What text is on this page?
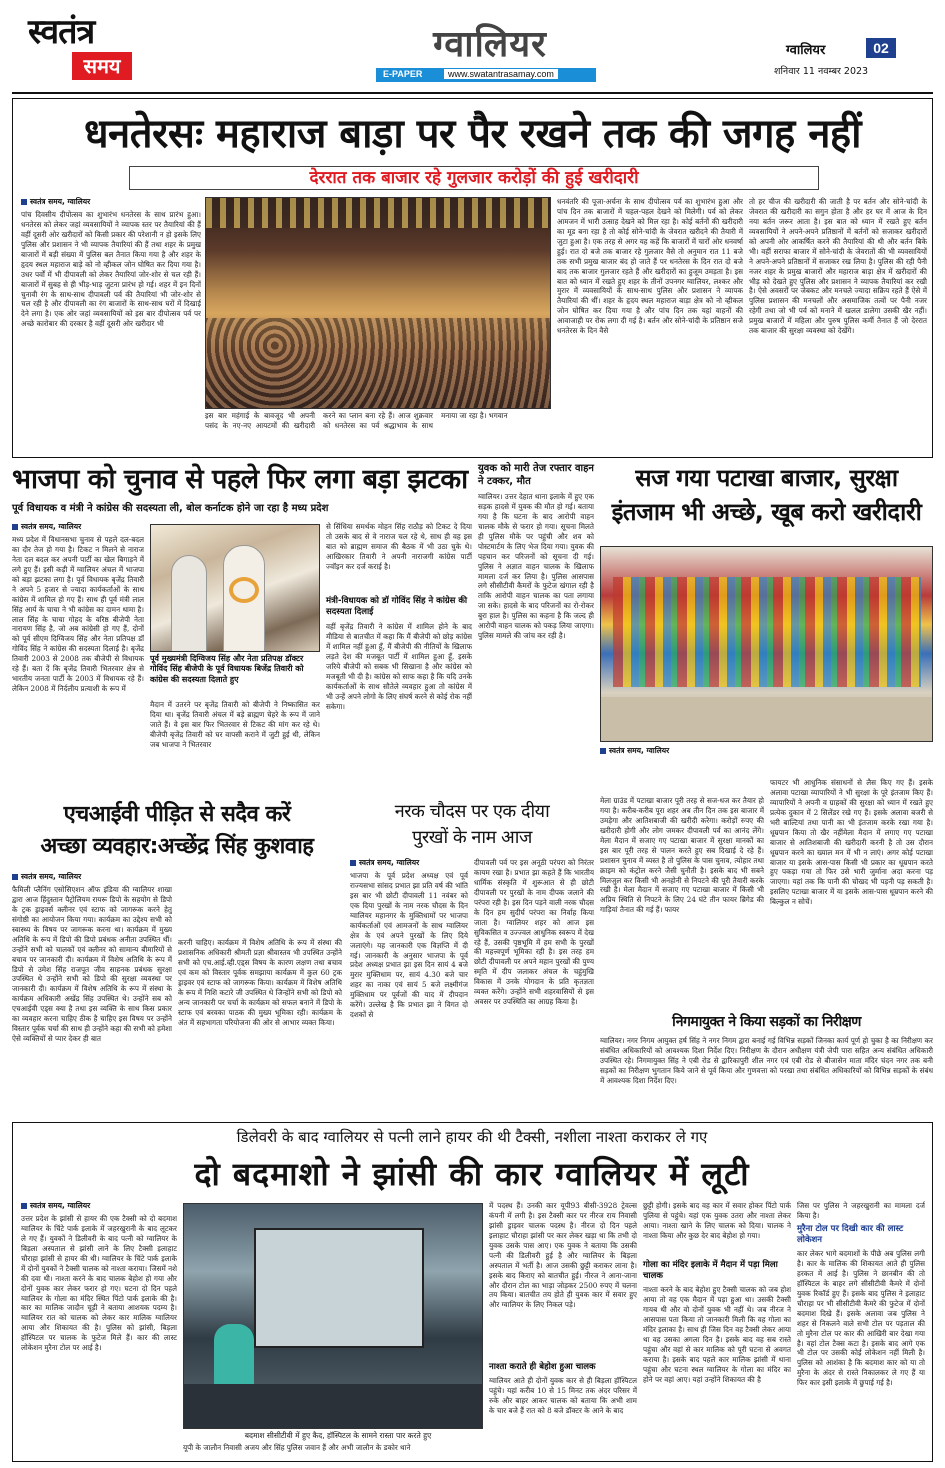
स्वतंत्र
समय
ग्वालियर
E-PAPER	www.swatantrasamay.com
ग्वालियर	02
शनिवार 11 नवम्बर 2023
धनतेरसः महाराज बाड़ा पर पैर रखने तक की जगह नहीं
देररात तक बाजार रहे गुलजार करोड़ों की हुई खरीदारी
स्वतंत्र समय, ग्वालियर
पांच दिवसीय दीपोत्सव का शुभारंभ धनतेरस के साथ प्रारंभ हुआ। धनतेरस को लेकर जहां व्यवसायियों ने व्यापक स्तर पर तैयारियां की हैं वहीं दूसरी ओर खरीदारों को किसी प्रकार की परेशानी न हो इसके लिए पुलिस और प्रशासन ने भी व्यापक तैयारियां की हैं तथा शहर के प्रमुख बाजारों में बड़ी संख्या में पुलिस बल तैनात किया गया है और शहर के हृदय स्थल महाराज बाड़े को नो व्हीकल जोन घोषित कर दिया गया है। उधर पर्वों में भी दीपावली को लेकर तैयारियां जोर-शोर से चल रही हैं। बाजारों में सुबह से ही भीड़-भाड़ जुटना प्रारंभ हो गई। शहर में इन दिनों चुनावी रंग के साथ-साथ दीपावली पर्व की तैयारियां भी जोर-शोर से चल रही है और दीपावली का रंग बाजारों के साथ-साथ घरों में दिखाई देने लगा है। एक ओर जहां व्यवसायियों को इस बार दीपोत्सव पर्व पर अच्छे कारोबार की दरकार है वहीं दूसरी ओर खरीदार भी
इस बार महंगाई के बावजूद भी अपनी पसंद के नए-नए आयटमों की खरीदारी करने का प्लान बना रहे हैं। आज शुक्रवार को धनतेरस का पर्व श्रद्धाभाव के साथ मनाया जा रहा है। भगवान
धनवंतरि की पूजा-अर्चना के साथ दीपोत्सव पर्व का शुभारंभ हुआ और पांच दिन तक बाजारों में चहल-पहल देखने को मिलेगी। पर्व को लेकर आमजन में भारी उत्साह देखने को मिल रहा है। कोई बर्तनों की खरीदारी का मूड बना रहा है तो कोई सोने-चांदी के जेवरात खरीदने की तैयारी में जुटा हुआ है। एक तरह से अगर यह कहें कि बाजारों में चारों ओर धनवर्षा हुई। रात दो बजे तक बाजार रहे गुलजार वैसे तो अनुमान रात 11 बजे तक सभी प्रमुख बाजार बंद हो जाते हैं पर धनतेरस के दिन रात दो बजे बाद तक बाजार गुलजार रहते हैं और खरीदारों का हुजूम उमड़ता है। इस बात को ध्यान में रखते हुए शहर के तीनों उपनगर ग्वालियर, लश्कर और मुरार में व्यवसायियों के साथ-साथ पुलिस और प्रशासन ने व्यापक तैयारियां की थीं। शहर के हृदय स्थल महाराज बाड़ा क्षेत्र को नो व्हीकल जोन घोषित कर दिया गया है और पांच दिन तक यहां वाहनों की आवाजाही पर रोक लगा दी गई है। बर्तन और सोने-चांदी के प्रतिष्ठान सजे धनतेरस के दिन वैसे
तो हर चीज की खरीदारी की जाती है पर बर्तन और सोने-चांदी के जेवरात की खरीदारी का सगुन होता है और हर घर में आज के दिन नया बर्तन जरूर आता है। इस बात को ध्यान में रखते हुए बर्तन व्यवसायियों ने अपने-अपने प्रतिष्ठानों में बर्तनों को सजाकर खरीदारों को अपनी ओर आकर्षित करने की तैयारियां की थी और बर्तन बिके भी। वहीं सराफा बाजार में सोने-चांदी के जेवरातों की भी व्यवसायियों ने अपने-अपने प्रतिष्ठानों में सजाकर रख लिया है। पुलिस की रही पैनी नजर शहर के प्रमुख बाजारों और महाराज बाड़ा क्षेत्र में खरीदारों की भीड़ को देखते हुए पुलिस और प्रशासन ने व्यापक तैयारियां कर रखी है। ऐसे अवसरों पर जेबकट और मनचले ज्यादा सक्रिय रहते हैं ऐसे में पुलिस प्रशासन की मनचलों और असमाजिक तत्वों पर पैनी नजर रहेगी तथा जो भी पर्व को मनाने में खलल डालेगा उसकी खैर नहीं। प्रमुख बाजारों में महिला और पुरुष पुलिस कर्मी तैनात हैं जो देररात तक बाजार की सुरक्षा व्यवस्था को देखेंगे।
भाजपा को चुनाव से पहले फिर लगा बड़ा झटका
पूर्व विधायक व मंत्री ने कांग्रेस की सदस्यता ली, बोल कर्नाटक होने जा रहा है मध्य प्रदेश
स्वतंत्र समय, ग्वालियर
मध्य प्रदेश में विधानसभा चुनाव से पहले दल-बदल का दौर तेज हो गया है। टिकट न मिलने से नाराज नेता दल बदल कर अपनी पार्टी का खेल बिगाड़ने में लगे हुए हैं। इसी कड़ी में ग्वालियर अंचल में भाजपा को बड़ा झटका लगा है। पूर्व विधायक बृजेंद्र तिवारी ने अपने 5 हजार से ज्यादा कार्यकर्ताओं के साथ कांग्रेस में शामिल हो गए हैं। साथ ही पूर्व मंत्री लाल सिंह आर्य के चाचा ने भी कांग्रेस का दामन थामा है। लाल सिंह के चाचा गोहद के वरिष्ठ बीजेपी नेता नारायण सिंह है, जो अब कांग्रेसी हो गए हैं, दोनों को पूर्व सीएम दिग्विजय सिंह और नेता प्रतिपक्ष डॉ गोविंद सिंह ने कांग्रेस की सदस्यता दिलाई है। बृजेंद्र तिवारी 2003 से 2008 तक बीजेपी से विधायक रहे हैं। बता दें कि बृजेंद्र तिवारी भितरवार क्षेत्र से भारतीय जनता पार्टी के 2003 में विधायक रहे हैं। लेकिन 2008 में निर्दलीय प्रत्याशी के रूप में
पूर्व मुख्यमंत्री दिग्विजय सिंह और नेता प्रतिपक्ष डॉक्टर गोविंद सिंह बीजेपी के पूर्व विधायक बिजेंद्र तिवारी को कांग्रेस की सदस्यता दिलाते हुए
मैदान में उतरने पर बृजेंद्र तिवारी को बीजेपी ने निष्कासित कर दिया था। बृजेंद्र तिवारी अंचल में बड़े ब्राह्मण चेहरे के रूप में जाने जाते हैं। वे इस बार फिर भितरवार से टिकट की मांग कर रहे थे। बीजेपी बृजेंद्र तिवारी को घर वापसी कराने में जुटी हुई थी, लेकिन जब भाजपा ने भितरवार
से सिंधिया समर्थक मोहन सिंह राठौड़ को टिकट दे दिया तो उसके बाद से वे नाराज चल रहे थे, साथ ही वह इस बात को ब्राह्मण समाज की बैठक में भी उठा चुके थे। आखिरकार तिवारी ने अपनी नाराजगी कांग्रेस पार्टी ज्वॉइन कर दर्ज कराई है।
मंत्री-विधायक को डॉ गोविंद सिंह ने कांग्रेस की सदस्यता दिलाई
वहीं बृजेंद्र तिवारी ने कांग्रेस में शामिल होने के बाद मीडिया से बातचीत में कहा कि मैं बीजेपी को छोड़ कांग्रेस में शामिल नहीं हुआ हूँ, मैं बीजेपी की नीतियों के खिलाफ लड़ते देश की मजबूत पार्टी में शामिल हुआ हूँ, इसके जरिये बीजेपी को सबक भी सिखाना है और कांग्रेस को मजबूती भी दी है। कांग्रेस को साफ कहा है कि यदि उनके कार्यकर्ताओं के साथ सौतेले व्यवहार हुआ तो कांग्रेस में भी उन्हें अपने लोगो के लिए संघर्ष करने से कोई रोक नहीं सकेगा।
युवक को मारी तेज रफ्तार वाहन ने टक्कर, मौत
ग्वालियर। उत्तर देहात थाना इलाके में हुए एक सड़क हादसे में युवक की मौत हो गई। बताया गया है कि घटना के बाद आरोपी वाहन चालक मौके से फरार हो गया। सूचना मिलते ही पुलिस मौके पर पहुंची और शव को पोस्टमार्टम के लिए भेज दिया गया। युवक की पहचान कर परिजनों को सूचना दी गई। पुलिस ने अज्ञात वाहन चालक के खिलाफ मामला दर्ज कर लिया है। पुलिस आसपास लगे सीसीटीवी कैमरों के फुटेज खंगाल रही है ताकि आरोपी वाहन चालक का पता लगाया जा सके। हादसे के बाद परिजनों का रो-रोकर बुरा हाल है। पुलिस का कहना है कि जल्द ही आरोपी वाहन चालक को पकड़ लिया जाएगा। पुलिस मामले की जांच कर रही है।
सज गया पटाखा बाजार, सुरक्षा
इंतजाम भी अच्छे, खूब करो खरीदारी
स्वतंत्र समय, ग्वालियर
मेला ग्राउंड में पटाखा बाजार पूरी तरह से सज-धज कर तैयार हो गया है। करीब-करीब पूरा शहर अब तीन दिन तक इस बाजार में उमड़ेगा और आतिशबाजी की खरीदी करेगा। करोड़ों रुपए की खरीदारी होगी और लोग जमकर दीपावली पर्व का आनंद लेंगे। मेला मैदान में सजाए गए पटाखा बाजार में सुरक्षा मानकों का इस बार पूरी तरह से पालन करते हुए सब दिखाई दे रहे हैं। प्रशासन चुनाव में व्यस्त है तो पुलिस के पास चुनाव, त्योहार तथा क्राइम को कंट्रोल करने जैसी चुनौती है। इसके बाद भी सबने मिलजुल कर किसी भी अनहोनी से निपटने की पूरी तैयारी करके रखी है। मेला मैदान में सजाए गए पटाखा बाजार में किसी भी अप्रिय स्थिति से निपटने के लिए 24 घंटे तीन फायर ब्रिगेड की गाड़ियां तैनात की गई हैं। फायर
फायटर भी आधुनिक संसाधनों से लैस किए गए हैं। इसके अलावा पटाखा व्यापारियों ने भी सुरक्षा के पूरे इंतजाम किए हैं। व्यापारियों ने अपनी व ग्राहकों की सुरक्षा को ध्यान में रखते हुए प्रत्येक दुकान में 2 सिलेंडर रखे गए हैं। इसके अलावा बजरी से भरी बाल्टियां तथा पानी का भी इंतजाम करके रखा गया है। धूम्रपान किया तो खैर नहींमेला मैदान में लगाए गए पटाखा बाजार से आतिशबाजी की खरीदारी करनी है तो उस दौरान धूम्रपान करने का ख्याल मन में भी न लाएं। अगर कोई पटाखा बाजार या इसके आस-पास किसी भी प्रकार का धूम्रपान करते हुए पकड़ा गया तो फिर उसे भारी जुर्माना अदा करना पड़ जाएगा। यहां तक कि पानी की चोखद भी पड़नी पड़ सकती है। इसलिए पटाखा बाजार में या इसके आस-पास धूम्रपान करने की बिल्कुल न सोचें।
एचआईवी पीड़ित से सदैव करें
अच्छा व्यवहार:अच्छेंद्र सिंह कुशवाह
स्वतंत्र समय, ग्वालियर
फैमिली प्लैनिंग एसोसिएशन ऑफ इंडिया की ग्वालियर शाखा द्वारा आज हिंदुस्तान पैट्रोलियम रायरू डिपो के सहयोग से डिपो के ट्रक ड्राइवर्स क्लीनर एवं स्टाफ को जागरूक करने हेतु संगोष्ठी का आयोजन किया गया। कार्यक्रम का उद्देश्य सभी को स्वास्थ्य के विषय पर जागरूक करना था। कार्यक्रम में मुख्य अतिथि के रूप में डिपो की डिपो प्रबंधक अनीता उपस्थित थीं। उन्होंने सभी को चालकों एवं क्लीनर को सामान्य बीमारियों से बचाव पर जानकारी दी। कार्यक्रम में विशेष अतिथि के रूप में डिपो से उमेश सिंह राजपूत जीव साहनक प्रबंधक सुरक्षा उपस्थित थे उन्होंने सभी को डिपो की सुरक्षा व्यवस्था पर जानकारी दी। कार्यक्रम में विशेष अतिथि के रूप में संस्था के कार्यक्रम अधिकारी अखेंद्र सिंह उपस्थित थे। उन्होंने सब को एचआईवी एड्स क्या है तथा इस व्यक्ति के साथ किस प्रकार का व्यवहार करना चाहिए ठीक है चाहिए इस विषय पर उन्होंने विस्तार पूर्वक चर्चा की साथ ही उन्होंने कहा की सभी को हमेशा ऐसे व्यक्तियों से प्यार देकर ही बात
करनी चाहिए। कार्यक्रम में विशेष अतिथि के रूप में संस्था की प्रशासनिक अधिकारी श्रीमती प्रज्ञा श्रीवास्तव भी उपस्थित उन्होंने सभी को एच.आई.व्ही.एड्स विषय के कारण लक्षण तथा बचाव एवं कम को विस्तार पूर्वक समझाया कार्यक्रम में कुल 60 ट्रक ड्राइवर एवं स्टाफ को जागरूक किया। कार्यक्रम में विशेष अतिथि के रूप में निशि कटारे जी उपस्थित थे जिन्होंने सभी को डिपो को अन्य जानकारी पर चर्चा के कार्यक्रम को सफल बनाने में डिपो के स्टाफ एवं बरवका पाठक की मुख्य भूमिका रही। कार्यक्रम के अंत में सहभागता परियोजना की ओर से आभार व्यक्त किया।
नरक चौदस पर एक दीया
पुरखों के नाम आज
स्वतंत्र समय, ग्वालियर
भाजपा के पूर्व प्रदेश अध्यक्ष एवं पूर्व राज्यसभा सांसद प्रभात झा प्रति वर्ष की भांति इस बार भी छोटी दीपावली 11 नवंबर को एक दिया पुरखों के नाम नरक चौदस के दिन ग्वालियर महानगर के मुक्तिधामों पर भाजपा कार्यकर्ताओं एवं आमजनों के साथ ग्वालियर क्षेत्र के एवं अपने पुरखों के लिए दिये जलाएंगे। यह जानकारी एक विज्ञप्ति में दी गई। जानकारी के अनुसार भाजपा के पूर्व प्रदेश अध्यक्ष प्रभात झा इस दिन सायं 4 बजे मुरार मुक्तिधाम पर, सायं 4.30 बजे चार शहर का नाका एवं सायं 5 बजे लक्ष्मीगंज मुक्तिधाम पर पूर्वजों की याद में दीपदान करेंगे। उल्लेख है कि प्रभात झा ने विगत दो दशकों से
दीपावली पर्व पर इस अनूठी परंपरा को निरंतर कायम रखा है। प्रभात झा कहते हैं कि भारतीय धार्मिक संस्कृति में शुरूआत से ही छोटी दीपावली पर पुरखों के नाम दीपक जलाने की परंपरा रही है। इस दिन पड़ने वाली नरक चौदस के दिन हम सुदीर्घ परंपरा का निर्वाह किया जाता है। ग्वालियर शहर को आज इस सुविकसित व उज्ज्वल आधुनिक स्वरूप में देख रहे हैं, उसकी पृष्ठभूमि में हम सभी के पुरखों की महत्त्वपूर्ण भूमिका रही है। इस तरह हम छोटी दीपावली पर अपने महान पुरखों की पुण्य स्मृति में दीप जलाकर अंचल के चहुंमुखि विकास में उनके योगदान के प्रति कृतज्ञता व्यक्त करेंगे। उन्होंने सभी शहरवासियों से इस अवसर पर उपस्थिति का आग्रह किया है।
निगमायुक्त ने किया सड़कों का निरीक्षण
ग्वालियर। नगर निगम आयुक्त हर्ष सिंह ने नगर निगम द्वारा बनाई गई विभिन्न सड़कों जिनका कार्य पूर्ण हो चुका है का निरीक्षण कर संबंधित अधिकारियों को आवश्यक दिशा निर्देश दिए। निरीक्षण के दौरान अधीक्षण यंत्री जेपी पारा सहित अन्य संबंधित अधिकारी उपस्थित रहे। निगमायुक्त सिंह ने एबी रोड से द्वारिकापुरी शील नगर एवं एबी रोड से बीजासेन माता मंदिर चंदन नगर तक बनी सड़कों का निरीक्षण भुगतान किये जाने से पूर्व किया और गुणवत्ता को परखा तथा संबंधित अधिकारियों को विभिन्न सड़कों के संबंध में आवश्यक दिशा निर्देश दिए।
डिलेवरी के बाद ग्वालियर से पत्नी लाने हायर की थी टैक्सी, नशीला नाश्ता कराकर ले गए
दो बदमाशो ने झांसी की कार ग्वालियर में लूटी
स्वतंत्र समय, ग्वालियर
उत्तर प्रदेश के झांसी से हायर की एक टैक्सी को दो बदमाश ग्वालियर के चिंटे पार्क इलाके में जहरखुरानी के बाद लूटकर ले गए हैं। युवकों ने डिलीवरी के बाद पत्नी को ग्वालियर के बिड़ला अस्पताल से झांसी लाने के लिए टैक्सी इलाहाट चौराहा झांसी से हायर की थी। ग्वालियर के चिंटे पार्क इलाके में दोनों युवकों ने टैक्सी चालक को नाश्ता कराया। जिसमें नशे की दवा थी। नाश्ता करने के बाद चालक बेहोश हो गया और दोनों युवक कार लेकर फरार हो गए। घटना दो दिन पहले ग्वालियर के गोला का मंदिर स्थित पिंटो पार्क इलाके की है। कार का मालिक जादौन चूड़ी ने बताया आशयक पदम्य है। ग्वालियर रात को चालक को लेकर कार मालिक ग्वालियर आया और शिकायत की है। पुलिस को झांसी, बिड़ला हॉस्पिटल पर चालक के फुटेज मिले हैं। कार की लास्ट लोकेशन मुरैना टोल पर आई है।
बदमाश सीसीटीवी में हुए कैद, हॉस्पिटल के सामने रास्ता पार करते हुए
यूपी के जालौन निवासी अजय और सिंह पुलिस जवान हैं और अभी जालौन के डकोर थाने
में पदस्थ हैं। उनकी कार यूपी93 बीसी-3928 ट्रेवल्स कंपनी में लगी है। इस टैक्सी कार पर नीरज राय निवासी झांसी ड्राइवर चालक पदस्थ है। नीरज दो दिन पहले इलाहाट चौराहा झांसी पर कार लेकर खड़ा था कि तभी दो युवक उसके पास आए। एक युवक ने बताया कि उसकी पत्नी की डिलीवरी हुई है और ग्वालियर के बिड़ला अस्पताल में भर्ती है। आज उसकी छुट्टी कराकर लाना है। इसके बाद किराए को बातचीत हुई। नीरज ने आना-जाना और दौरान टोल का भाड़ा जोड़कर 2500 रुपए में चलना तय किया। बातचीत तय होते ही युवक कार में सवार हुए और ग्वालियर के लिए निकल पड़े।
नाश्ता कराते ही बेहोश हुआ चालक
ग्वालियर आते ही दोनों युवक कार से ही बिड़ला हॉस्पिटल पहुंचे। यहां करीब 10 से 15 मिनट तक अंदर परिसर में रुके और बाहर आकर चालक को बताया कि अभी शाम के चार बजे हैं रात को 8 बजे डॉक्टर के आने के बाद
छुट्टी होगी। इसके बाद वह कार में सवार होकर पिंटो पार्क पुलिया से पहुंचे। यहां एक युवक उतरा और नाश्ता लेकर आया। नाश्ता खाने के लिए चालक को दिया। चालक ने नाश्ता किया और कुछ देर बाद बेहोश हो गया।
गोला का मंदिर इलाके में मैदान में पड़ा मिला चालक
नाश्ता करने के बाद बेहोश हुए टैक्सी चालक को जब होश आया तो वह एक मैदान में पड़ा हुआ था। उसकी टैक्सी गायब थी और वो दोनों युवक भी नहीं थे। जब नीरज ने आसपास पता किया तो जानकारी मिली कि वह गोला का मंदिर इलाका है। साथ ही जिस दिन वह टैक्सी लेकर आया था वह उसका अगला दिन है। इसके बाद वह सब रास्ते पहुंचा और वहां से कार मालिक को पूरी घटना से अवगत कराया है। इसके बाद पहले कार मालिक झांसी में थाना पहुंचा और घटना स्थल ग्वालियर के गोला का मंदिर का होने पर वहां आए। यहां उन्होंने शिकायत की है
जिस पर पुलिस ने जहरखुरानी का मामला दर्ज किया है।
मुरैना टोल पर दिखी कार की लास्ट लोकेशन
कार लेकर भागे बदमाशों के पीछे अब पुलिस लगी है। कार के मालिक की शिकायत आते ही पुलिस हरकत में आई है। पुलिस ने छानबीन की तो हॉस्पिटल के बाहर लगे सीसीटीवी कैमरे में दोनों युवक रिकॉर्ड हुए हैं। इसके बाद पुलिस ने इलाहाट चौराहा पर भी सीसीटीवी कैमरे की फुटेज में दोनों बदमाश दिखे हैं। इसके अलावा जब पुलिस ने शहर से निकलने वाले सभी टोल पर पड़ताल की तो मुरैना टोल पर कार की आखिरी बार देखा गया है। वहां टोल टैक्स कटा है। इसके बाद आगे एक भी टोल पर उसकी कोई लोकेशन नहीं मिली है। पुलिस को आशंका है कि बदमाश कार को या तो मुरैना के अंदर से रास्ते निकालकर ले गए हैं या फिर कार इसी इलाके में छुपाई गई है।
